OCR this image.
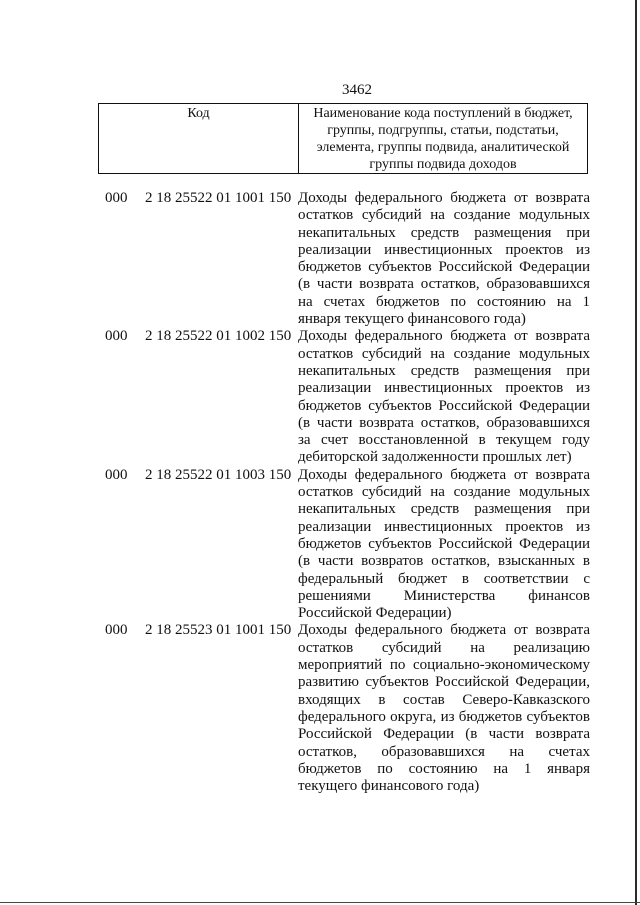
3462
Код	Наименование кода поступлений в бюджет, группы, подгруппы, статьи, подстатьи, элемента, группы подвида, аналитической группы подвида доходов
000	2 18 25522 01 1001 150 Доходы федерального бюджета от возврата остатков субсидий на создание модульных некапитальных средств размещения при реализации инвестиционных проектов из бюджетов субъектов Российской Федерации (в части возврата остатков, образовавшихся на счетах бюджетов по состоянию на 1 января текущего финансового года)
000	2 18 25522 01 1002 150 Доходы федерального бюджета от возврата остатков субсидий на создание модульных некапитальных средств размещения при реализации инвестиционных проектов из бюджетов субъектов Российской Федерации (в части возврата остатков, образовавшихся за счет восстановленной в текущем году дебиторской задолженности прошлых лет)
000	2 18 25522 01 1003 150 Доходы федерального бюджета от возврата остатков субсидий на создание модульных некапитальных средств размещения при реализации инвестиционных проектов из бюджетов субъектов Российской Федерации (в части возвратов остатков, взысканных в федеральный бюджет в соответствии с решениями Министерства финансов Российской Федерации)
000	2 18 25523 01 1001 150 Доходы федерального бюджета от возврата остатков субсидий на реализацию мероприятий по социально-экономическому развитию субъектов Российской Федерации, входящих в состав Северо-Кавказского федерального округа, из бюджетов субъектов Российской Федерации (в части возврата остатков, образовавшихся на счетах бюджетов по состоянию на 1 января текущего финансового года)
